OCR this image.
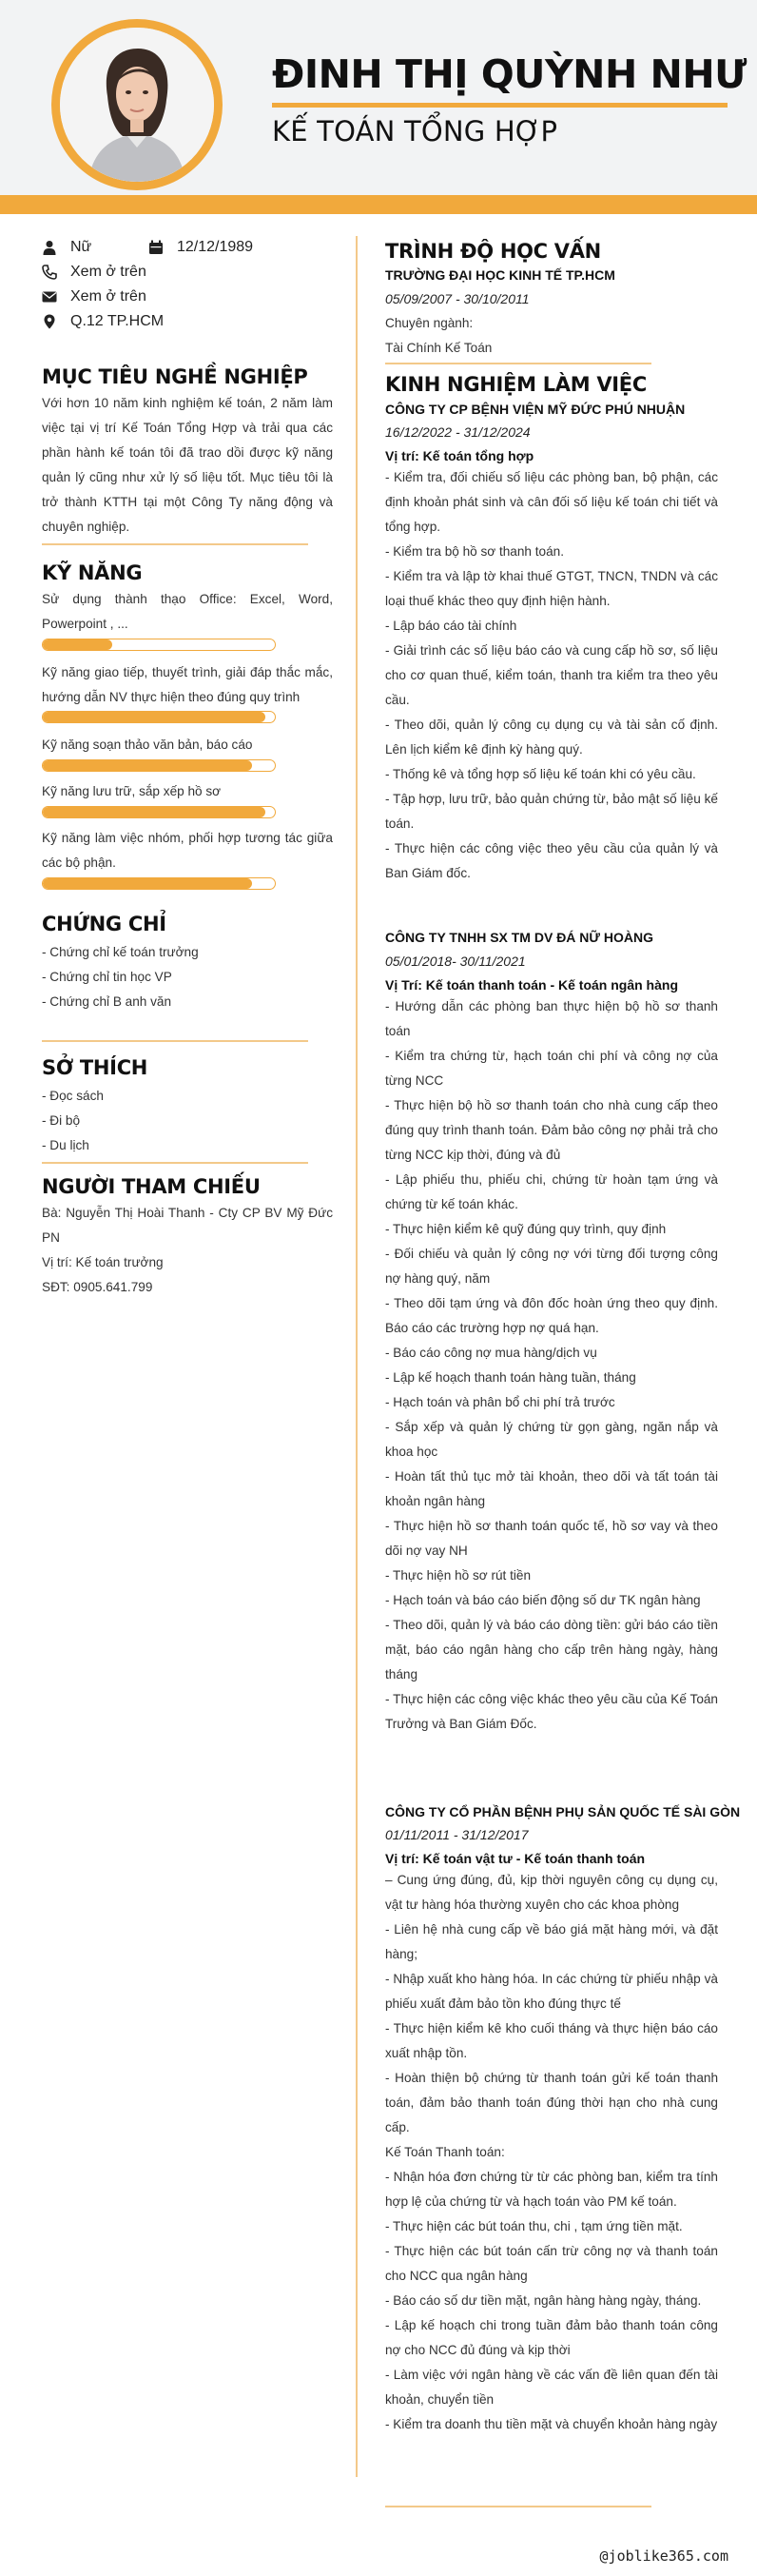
ĐINH THỊ QUỲNH NHƯ
KẾ TOÁN TỔNG HỢP
Nữ	12/12/1989
Xem ở trên
Xem ở trên
Q.12 TP.HCM
MỤC TIÊU NGHỀ NGHIỆP
Với hơn 10 năm kinh nghiệm kế toán, 2 năm làm việc tại vị trí Kế Toán Tổng Hợp và trải qua các phần hành kế toán tôi đã trao dồi được kỹ năng quản lý cũng như xử lý số liệu tốt. Mục tiêu tôi là trở thành KTTH tại một Công Ty năng động và chuyên nghiệp.
KỸ NĂNG
Sử dụng thành thạo Office: Excel, Word, Powerpoint , ...
Kỹ năng giao tiếp, thuyết trình, giải đáp thắc mắc, hướng dẫn NV thực hiện theo đúng quy trình
Kỹ năng soạn thảo văn bản, báo cáo
Kỹ năng lưu trữ, sắp xếp hồ sơ
Kỹ năng làm việc nhóm, phối hợp tương tác giữa các bộ phận.
CHỨNG CHỈ
- Chứng chỉ kế toán trưởng
- Chứng chỉ tin học VP
- Chứng chỉ B anh văn
SỞ THÍCH
- Đọc sách
- Đi bộ
- Du lịch
NGƯỜI THAM CHIẾU
Bà: Nguyễn Thị Hoài Thanh - Cty CP BV Mỹ Đức PN
Vị trí: Kế toán trưởng
SĐT: 0905.641.799
TRÌNH ĐỘ HỌC VẤN
TRƯỜNG ĐẠI HỌC KINH TẾ TP.HCM
05/09/2007 - 30/10/2011
Chuyên ngành:
Tài Chính Kế Toán
KINH NGHIỆM LÀM VIỆC
CÔNG TY CP BỆNH VIỆN MỸ ĐỨC PHÚ NHUẬN
16/12/2022 - 31/12/2024
Vị trí: Kế toán tổng hợp

- Kiểm tra, đối chiếu số liệu các phòng ban, bộ phận, các định khoản phát sinh và cân đối số liệu kế toán chi tiết và tổng hợp.

- Kiểm tra bộ hồ sơ thanh toán.

- Kiểm tra và lập tờ khai thuế GTGT, TNCN, TNDN và các loại thuế khác theo quy định hiện hành.

- Lập báo cáo tài chính

- Giải trình các số liệu báo cáo và cung cấp hồ sơ, số liệu cho cơ quan thuế, kiểm toán, thanh tra kiểm tra theo yêu cầu.

- Theo dõi, quản lý công cụ dụng cụ và tài sản cố định. Lên lịch kiểm kê định kỳ hàng quý.

- Thống kê và tổng hợp số liệu kế toán khi có yêu cầu.

- Tập hợp, lưu trữ, bảo quản chứng từ, bảo mật số liệu kế toán.

- Thực hiện các công việc theo yêu cầu của quản lý và Ban Giám đốc.

CÔNG TY TNHH SX TM DV ĐÁ NỮ HOÀNG
05/01/2018- 30/11/2021
Vị Trí: Kế toán thanh toán - Kế toán ngân hàng

- Hướng dẫn các phòng ban thực hiện bộ hồ sơ thanh toán

- Kiểm tra chứng từ, hạch toán chi phí và công nợ của từng NCC

- Thực hiện bộ hồ sơ thanh toán cho nhà cung cấp theo đúng quy trình thanh toán. Đảm bảo công nợ phải trả cho từng NCC kịp thời, đúng và đủ

- Lập phiếu thu, phiếu chi, chứng từ hoàn tạm ứng và chứng từ kế toán khác.

- Thực hiện kiểm kê quỹ đúng quy trình, quy định

- Đối chiếu và quản lý công nợ với từng đối tượng công nợ hàng quý, năm

- Theo dõi tạm ứng và đôn đốc hoàn ứng theo quy định. Báo cáo các trường hợp nợ quá hạn.

- Báo cáo công nợ mua hàng/dịch vụ

- Lập kế hoạch thanh toán hàng tuần, tháng

- Hạch toán và phân bổ chi phí trả trước

- Sắp xếp và quản lý chứng từ gọn gàng, ngăn nắp và khoa học

- Hoàn tất thủ tục mở tài khoản, theo dõi và tất toán tài khoản ngân hàng

- Thực hiện hồ sơ thanh toán quốc tế, hồ sơ vay và theo dõi nợ vay NH

- Thực hiện hồ sơ rút tiền

- Hạch toán và báo cáo biến động số dư TK ngân hàng

- Theo dõi, quản lý và báo cáo dòng tiền: gửi báo cáo tiền mặt, báo cáo ngân hàng cho cấp trên hàng ngày, hàng tháng

- Thực hiện các công việc khác theo yêu cầu của Kế Toán Trưởng và Ban Giám Đốc.

CÔNG TY CỔ PHẦN BỆNH PHỤ SẢN QUỐC TẾ SÀI GÒN
01/11/2011 - 31/12/2017
Vị trí: Kế toán vật tư - Kế toán thanh toán

– Cung ứng đúng, đủ, kịp thời nguyên công cụ dụng cụ, vật tư hàng hóa thường xuyên cho các khoa phòng

- Liên hệ nhà cung cấp về báo giá mặt hàng mới, và đặt hàng;

- Nhập xuất kho hàng hóa. In các chứng từ phiếu nhập và phiếu xuất đảm bảo tồn kho đúng thực tế

- Thực hiện kiểm kê kho cuối tháng và thực hiện báo cáo xuất nhập tồn.

- Hoàn thiện bộ chứng từ thanh toán gửi kế toán thanh toán, đảm bảo thanh toán đúng thời hạn cho nhà cung cấp.

Kế Toán Thanh toán:

- Nhận hóa đơn chứng từ từ các phòng ban, kiểm tra tính hợp lệ của chứng từ và hạch toán vào PM kế toán.

- Thực hiện các bút toán thu, chi , tạm ứng tiền mặt.

- Thực hiện các bút toán cấn trừ công nợ và thanh toán cho NCC qua ngân hàng

- Báo cáo số dư tiền mặt, ngân hàng hàng ngày, tháng.

- Lập kế hoạch chi trong tuần đảm bảo thanh toán công nợ cho NCC đủ đúng và kịp thời

- Làm việc với ngân hàng về các vấn đề liên quan đến tài khoản, chuyển tiền

- Kiểm tra doanh thu tiền mặt và chuyển khoản hàng ngày

@joblike365.com
